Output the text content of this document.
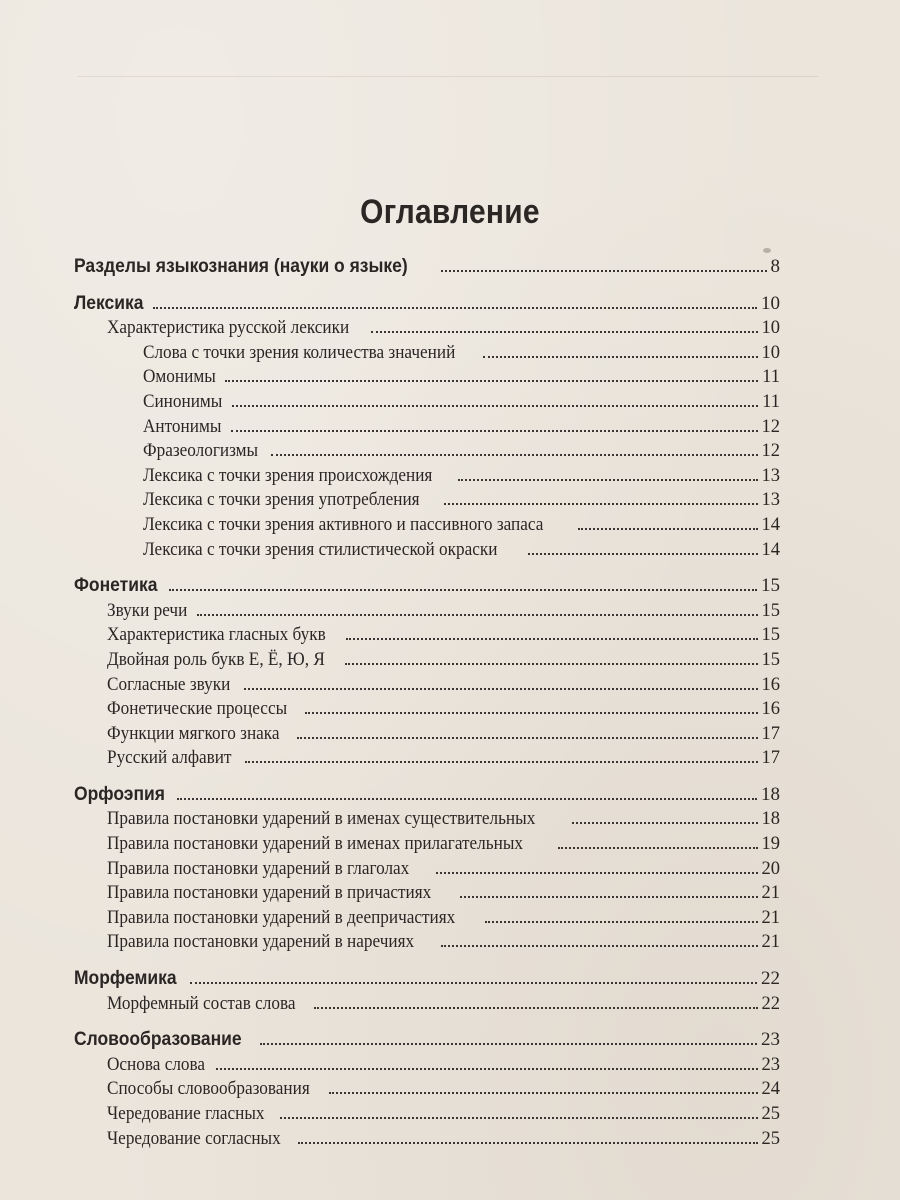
Оглавление
Разделы языкознания (науки о языке)	8
Лексика	10
Характеристика русской лексики	10
Слова с точки зрения количества значений	10
Омонимы	11
Синонимы	11
Антонимы	12
Фразеологизмы	12
Лексика с точки зрения происхождения	13
Лексика с точки зрения употребления	13
Лексика с точки зрения активного и пассивного запаса	14
Лексика с точки зрения стилистической окраски	14
Фонетика	15
Звуки речи	15
Характеристика гласных букв	15
Двойная роль букв Е, Ё, Ю, Я	15
Согласные звуки	16
Фонетические процессы	16
Функции мягкого знака	17
Русский алфавит	17
Орфоэпия	18
Правила постановки ударений в именах существительных	18
Правила постановки ударений в именах прилагательных	19
Правила постановки ударений в глаголах	20
Правила постановки ударений в причастиях	21
Правила постановки ударений в деепричастиях	21
Правила постановки ударений в наречиях	21
Морфемика	22
Морфемный состав слова	22
Словообразование	23
Основа слова	23
Способы словообразования	24
Чередование гласных	25
Чередование согласных	25
